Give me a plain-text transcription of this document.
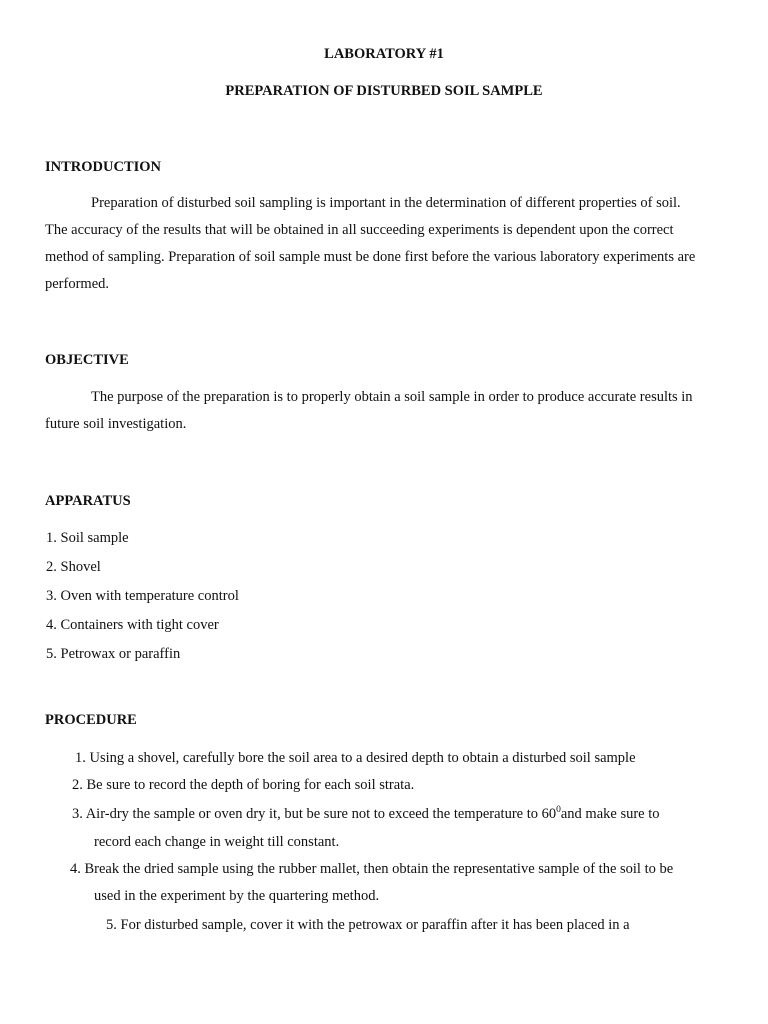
LABORATORY #1
PREPARATION OF DISTURBED SOIL SAMPLE
INTRODUCTION
Preparation of disturbed soil sampling is important in the determination of different properties of soil.
The accuracy of the results that will be obtained in all succeeding experiments is dependent upon the correct
method of sampling. Preparation of soil sample must be done first before the various laboratory experiments are
performed.
OBJECTIVE
The purpose of the preparation is to properly obtain a soil sample in order to produce accurate results in
future soil investigation.
APPARATUS
1. Soil sample
2. Shovel
3. Oven with temperature control
4. Containers with tight cover
5. Petrowax or paraffin
PROCEDURE
1. Using a shovel, carefully bore the soil area to a desired depth to obtain a disturbed soil sample
2. Be sure to record the depth of boring for each soil strata.
3. Air-dry the sample or oven dry it, but be sure not to exceed the temperature to $60^0and$ make sure to
record each change in weight till constant.
4. Break the dried sample using the rubber mallet, then obtain the representative sample of the soil to be
used in the experiment by the quartering method.
5. For disturbed sample, cover it with the petrowax or paraffin after it has been placed in a
